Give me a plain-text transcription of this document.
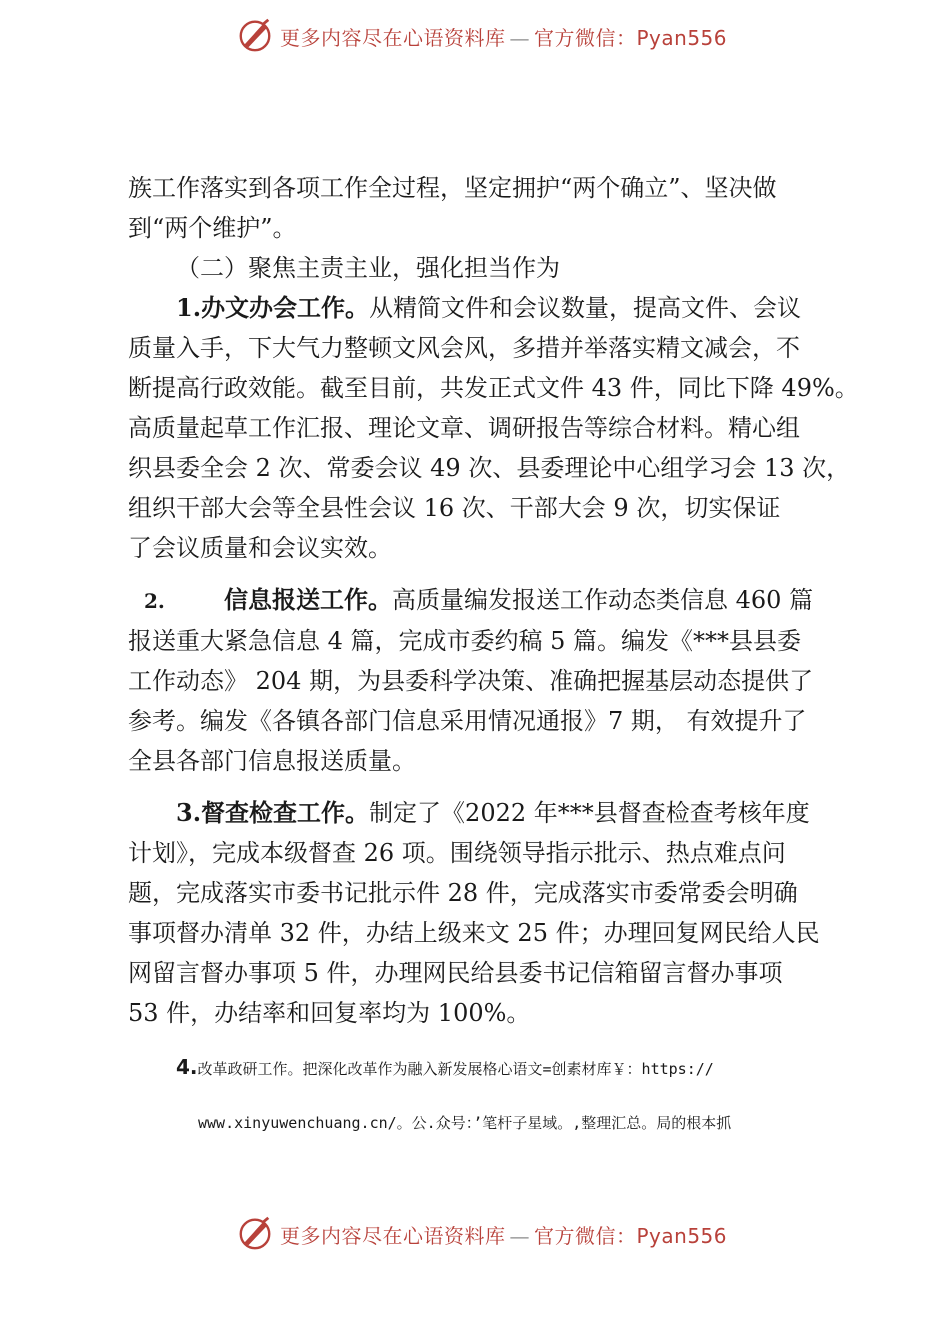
更多内容尽在心语资料库 — 官方微信：Pyan556
族工作落实到各项工作全过程，坚定拥护“两个确立”、坚决做
到“两个维护”。
（二）聚焦主责主业，强化担当作为
1.办文办会工作。从精简文件和会议数量，提高文件、会议
质量入手，下大气力整顿文风会风，多措并举落实精文减会，不
断提高行政效能。截至目前，共发正式文件 43 件，同比下降 49%。
高质量起草工作汇报、理论文章、调研报告等综合材料。精心组
织县委全会 2 次、常委会议 49 次、县委理论中心组学习会 13 次，
组织干部大会等全县性会议 16 次、干部大会 9 次，切实保证
了会议质量和会议实效。
2. 信息报送工作。高质量编发报送工作动态类信息 460 篇
报送重大紧急信息 4 篇，完成市委约稿 5 篇。编发《***县县委
工作动态》 204 期，为县委科学决策、准确把握基层动态提供了
参考。编发《各镇各部门信息采用情况通报》7 期， 有效提升了
全县各部门信息报送质量。
3.督查检查工作。制定了《2022 年***县督查检查考核年度
计划》，完成本级督查 26 项。围绕领导指示批示、热点难点问
题，完成落实市委书记批示件 28 件，完成落实市委常委会明确
事项督办清单 32 件，办结上级来文 25 件；办理回复网民给人民
网留言督办事项 5 件，办理网民给县委书记信箱留言督办事项
53 件，办结率和回复率均为 100%。
4.改革政研工作。把深化改革作为融入新发展格心语文=创素材库￥：https://
www.xinyuwenchuang.cn/。公.众号：’笔杆子星域。,整理汇总。局的根本抓
更多内容尽在心语资料库 — 官方微信：Pyan556
